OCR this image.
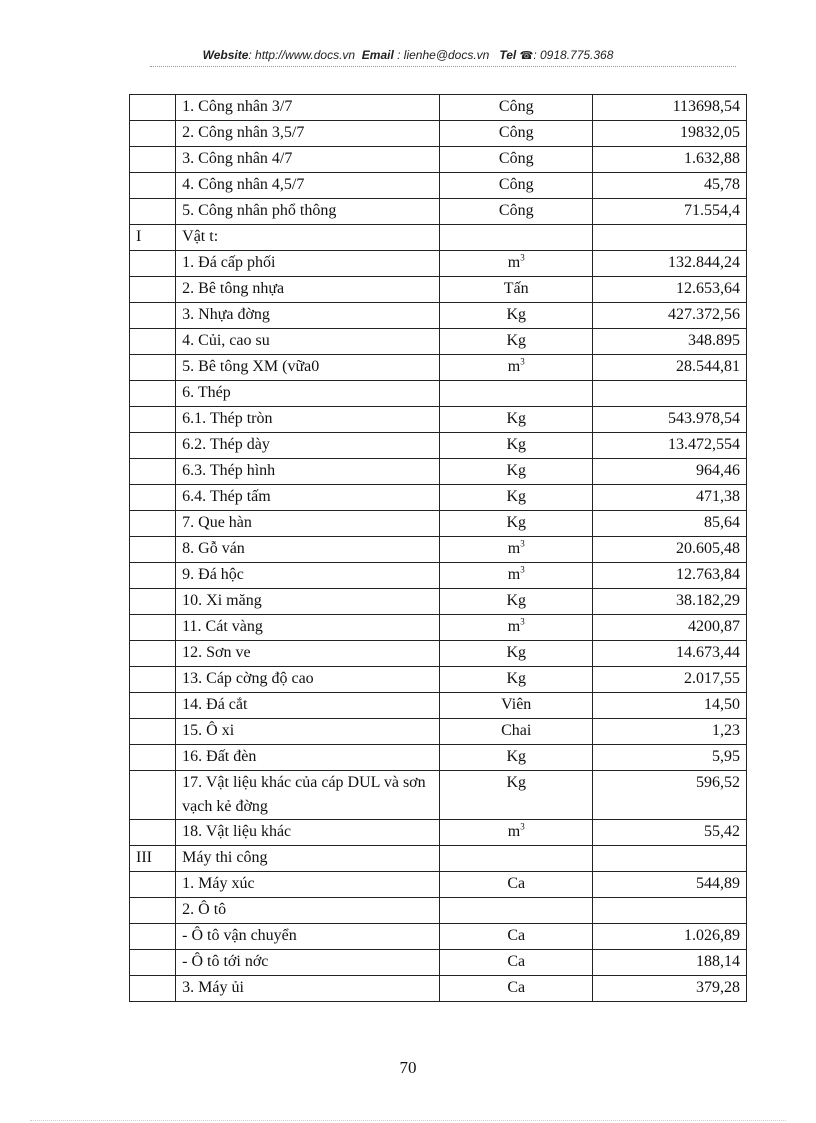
Website: http://www.docs.vn Email : lienhe@docs.vn Tel ☎: 0918.775.368
	1. Công nhân 3/7	Công	113698,54
	2. Công nhân 3,5/7	Công	19832,05
	3. Công nhân 4/7	Công	1.632,88
	4. Công nhân 4,5/7	Công	45,78
	5. Công nhân phổ thông	Công	71.554,4
I	Vật t:		
	1. Đá cấp phối	$m^3$	132.844,24
	2. Bê tông nhựa	Tấn	12.653,64
	3. Nhựa đờng	Kg	427.372,56
	4. Củi, cao su	Kg	348.895
	5. Bê tông XM (vữa0	$m^3$	28.544,81
	6. Thép		
	6.1. Thép tròn	Kg	543.978,54
	6.2. Thép dày	Kg	13.472,554
	6.3. Thép hình	Kg	964,46
	6.4. Thép tấm	Kg	471,38
	7. Que hàn	Kg	85,64
	8. Gỗ ván	$m^3$	20.605,48
	9. Đá hộc	$m^3$	12.763,84
	10. Xi măng	Kg	38.182,29
	11. Cát vàng	$m^3$	4200,87
	12. Sơn ve	Kg	14.673,44
	13. Cáp cờng độ cao	Kg	2.017,55
	14. Đá cắt	Viên	14,50
	15. Ô xi	Chai	1,23
	16. Đất đèn	Kg	5,95
	17. Vật liệu khác của cáp DUL và sơn vạch kẻ đờng	Kg	596,52
	18. Vật liệu khác	$m^3$	55,42
III	Máy thi công		
	1. Máy xúc	Ca	544,89
	2. Ô tô		
	- Ô tô vận chuyển	Ca	1.026,89
	- Ô tô tới nớc	Ca	188,14
	3. Máy ủi	Ca	379,28
70
